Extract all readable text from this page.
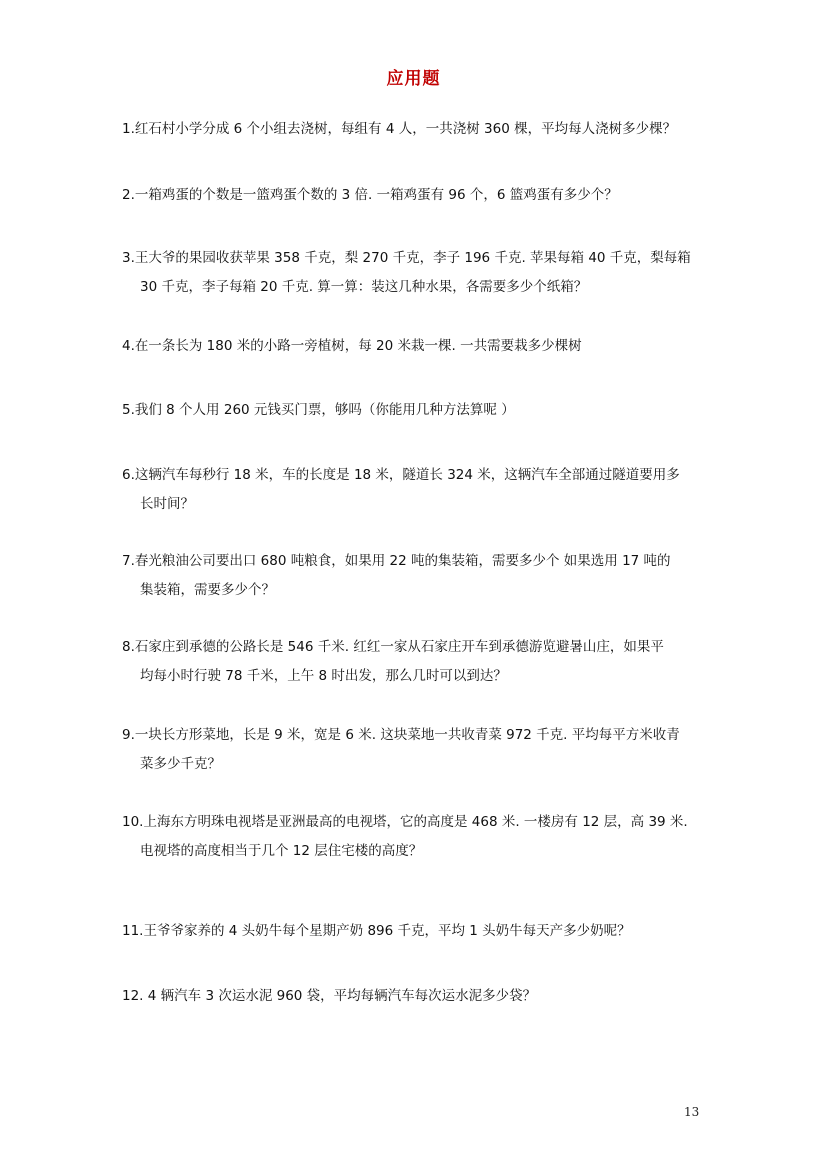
应用题
1.红石村小学分成 6 个小组去浇树，每组有 4 人，一共浇树 360 棵，平均每人浇树多少棵？
2.一箱鸡蛋的个数是一篮鸡蛋个数的 3 倍. 一箱鸡蛋有 96 个，6 篮鸡蛋有多少个？
3.王大爷的果园收获苹果 358 千克，梨 270 千克，李子 196 千克. 苹果每箱 40 千克，梨每箱
30 千克，李子每箱 20 千克. 算一算：装这几种水果，各需要多少个纸箱？
4.在一条长为 180 米的小路一旁植树，每 20 米栽一棵. 一共需要栽多少棵树
5.我们 8 个人用 260 元钱买门票，够吗（你能用几种方法算呢 ）
6.这辆汽车每秒行 18 米，车的长度是 18 米，隧道长 324 米，这辆汽车全部通过隧道要用多
长时间？
7.春光粮油公司要出口 680 吨粮食，如果用 22 吨的集装箱，需要多少个 如果选用 17 吨的
集装箱，需要多少个？
8.石家庄到承德的公路长是 546 千米. 红红一家从石家庄开车到承德游览避暑山庄，如果平
均每小时行驶 78 千米，上午 8 时出发，那么几时可以到达？
9.一块长方形菜地，长是 9 米，宽是 6 米. 这块菜地一共收青菜 972 千克. 平均每平方米收青
菜多少千克？
10.上海东方明珠电视塔是亚洲最高的电视塔，它的高度是 468 米. 一楼房有 12 层，高 39 米.
电视塔的高度相当于几个 12 层住宅楼的高度？
11.王爷爷家养的 4 头奶牛每个星期产奶 896 千克，平均 1 头奶牛每天产多少奶呢？
12. 4 辆汽车 3 次运水泥 960 袋，平均每辆汽车每次运水泥多少袋？
13
